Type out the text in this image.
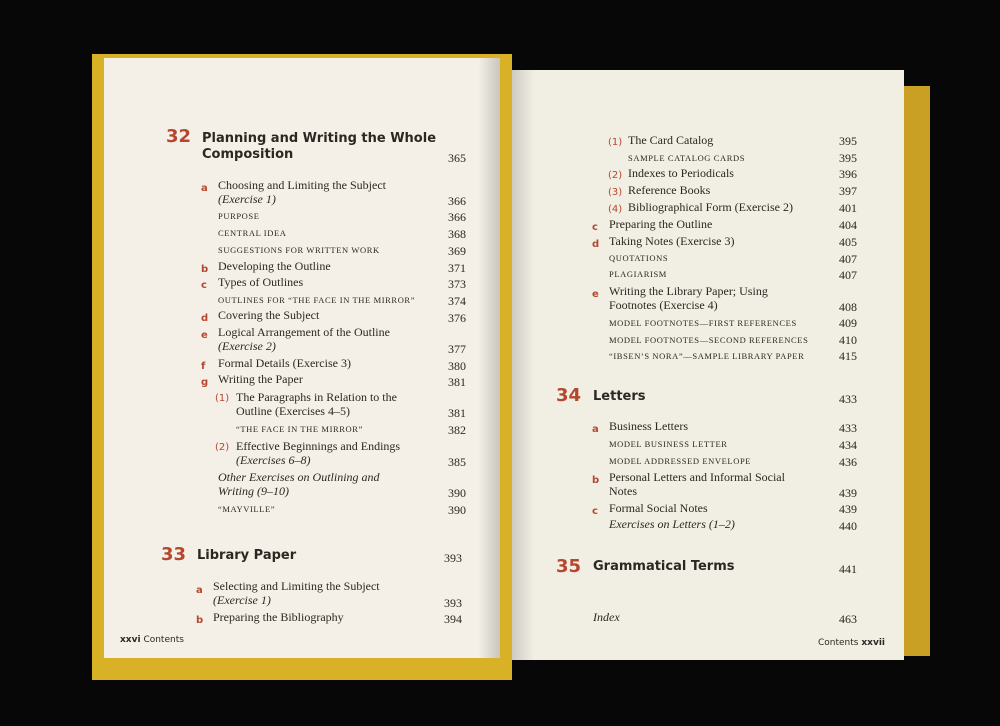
32 Planning and Writing the Whole
Composition	365
a Choosing and Limiting the Subject
(Exercise 1)	366
PURPOSE	366
CENTRAL IDEA	368
SUGGESTIONS FOR WRITTEN WORK	369
b Developing the Outline	371
c Types of Outlines	373
OUTLINES FOR “THE FACE IN THE MIRROR”	374
d Covering the Subject	376
e Logical Arrangement of the Outline
(Exercise 2)	377
f Formal Details (Exercise 3)	380
g Writing the Paper	381
(1) The Paragraphs in Relation to the
Outline (Exercises 4–5)	381
“THE FACE IN THE MIRROR”	382
(2) Effective Beginnings and Endings
(Exercises 6–8)	385
Other Exercises on Outlining and
Writing (9–10)	390
“MAYVILLE”	390
33 Library Paper	393
a Selecting and Limiting the Subject
(Exercise 1)	393
b Preparing the Bibliography	394
xxvi Contents
(1) The Card Catalog	395
SAMPLE CATALOG CARDS	395
(2) Indexes to Periodicals	396
(3) Reference Books	397
(4) Bibliographical Form (Exercise 2)	401
c Preparing the Outline	404
d Taking Notes (Exercise 3)	405
QUOTATIONS	407
PLAGIARISM	407
e Writing the Library Paper; Using
Footnotes (Exercise 4)	408
MODEL FOOTNOTES—FIRST REFERENCES	409
MODEL FOOTNOTES—SECOND REFERENCES	410
“IBSEN’S NORA”—SAMPLE LIBRARY PAPER	415
34 Letters	433
a Business Letters	433
MODEL BUSINESS LETTER	434
MODEL ADDRESSED ENVELOPE	436
b Personal Letters and Informal Social
Notes	439
c Formal Social Notes	439
Exercises on Letters (1–2)	440
35 Grammatical Terms	441
Index	463
Contents xxvii
